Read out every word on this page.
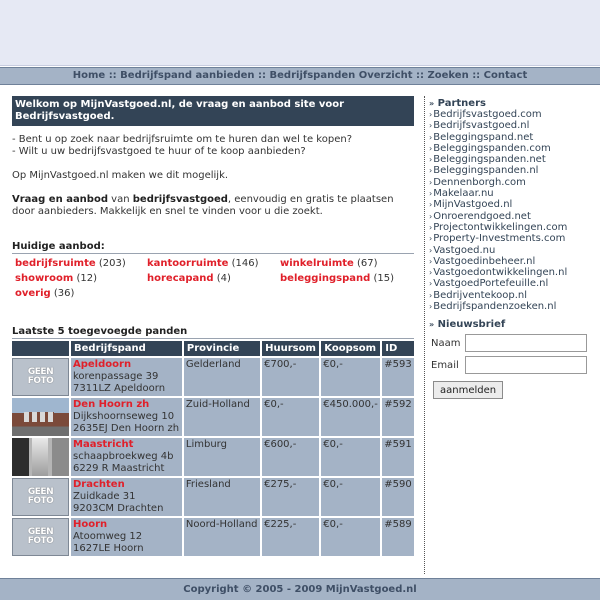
Home :: Bedrijfspand aanbieden :: Bedrijfspanden Overzicht :: Zoeken :: Contact
Welkom op MijnVastgoed.nl, de vraag en aanbod site voor Bedrijfsvastgoed.

- Bent u op zoek naar bedrijfsruimte om te huren dan wel te kopen?
- Wilt u uw bedrijfsvastgoed te huur of te koop aanbieden?

Op MijnVastgoed.nl maken we dit mogelijk.

Vraag en aanbod van bedrijfsvastgoed, eenvoudig en gratis te plaatsen door aanbieders. Makkelijk en snel te vinden voor u die zoekt.

Huidige aanbod:
bedrijfsruimte (203)	kantoorruimte (146)	winkelruimte (67)
showroom (12)	horecapand (4)	beleggingspand (15)
overig (36)
Laatste 5 toegevoegde panden
	Bedrijfspand	Provincie	Huursom	Koopsom	ID

GEEN
FOTO	Apeldoorn
korenpassage 39
7311LZ Apeldoorn	Gelderland	€700,-	€0,-	#593

	Den Hoorn zh
Dijkshoornseweg 10
2635EJ Den Hoorn zh	Zuid-Holland	€0,-	€450.000,-	#592

	Maastricht
schaapbroekweg 4b
6229 R Maastricht	Limburg	€600,-	€0,-	#591

GEEN
FOTO	Drachten
Zuidkade 31
9203CM Drachten	Friesland	€275,-	€0,-	#590

GEEN
FOTO	Hoorn
Atoomweg 12
1627LE Hoorn	Noord-Holland	€225,-	€0,-	#589
» Partners
›Bedrijfsvastgoed.com
›Bedrijfsvastgoed.nl
›Beleggingspand.net
›Beleggingspanden.com
›Beleggingspanden.net
›Beleggingspanden.nl
›Dennenborgh.com
›Makelaar.nu
›MijnVastgoed.nl
›Onroerendgoed.net
›Projectontwikkelingen.com
›Property-Investments.com
›Vastgoed.nu
›Vastgoedinbeheer.nl
›Vastgoedontwikkelingen.nl
›VastgoedPortefeuille.nl
›Bedrijventekoop.nl
›Bedrijfspandenzoeken.nl
» Nieuwsbrief
Naam
Email
aanmelden
Copyright © 2005 - 2009 MijnVastgoed.nl
